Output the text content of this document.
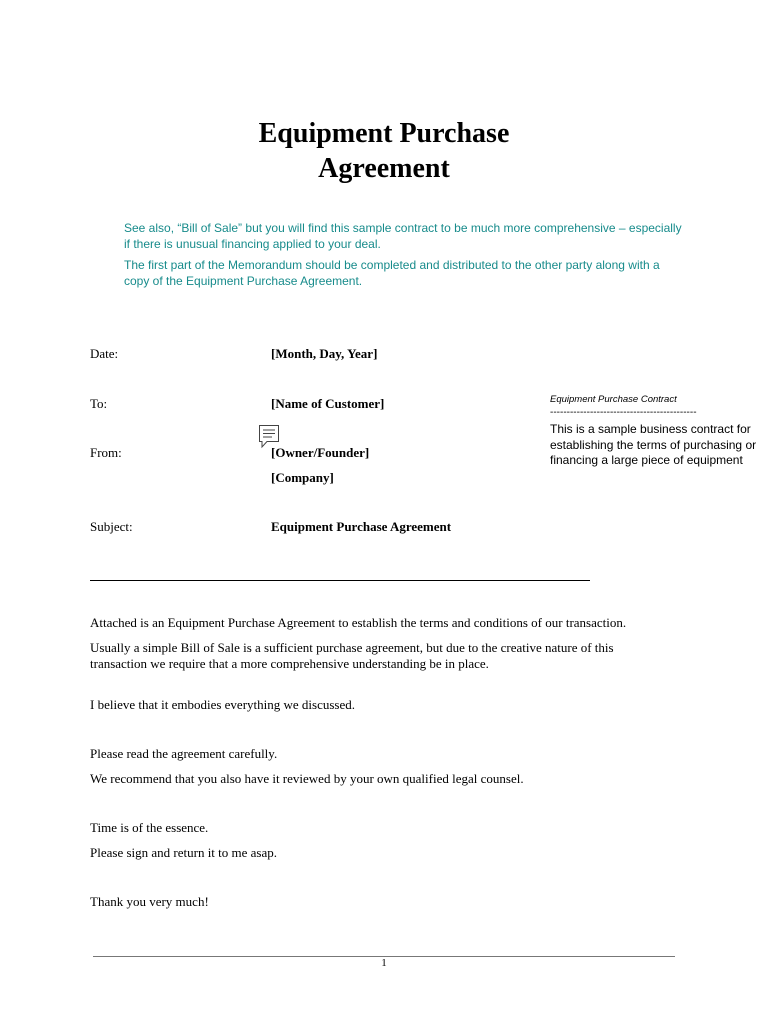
Equipment Purchase
Agreement
See also, “Bill of Sale” but you will find this sample contract to be much more comprehensive – especially if there is unusual financing applied to your deal.
The first part of the Memorandum should be completed and distributed to the other party along with a copy of the Equipment Purchase Agreement.
Date:	[Month, Day, Year]
To:	[Name of Customer]
From:	[Owner/Founder]
[Company]
Subject:	Equipment Purchase Agreement
Equipment Purchase Contract
--------------------------------------------
This is a sample business contract for establishing the terms of purchasing or financing a large piece of equipment
Attached is an Equipment Purchase Agreement to establish the terms and conditions of our transaction.
Usually a simple Bill of Sale is a sufficient purchase agreement, but due to the creative nature of this transaction we require that a more comprehensive understanding be in place.
I believe that it embodies everything we discussed.
Please read the agreement carefully.
We recommend that you also have it reviewed by your own qualified legal counsel.
Time is of the essence.
Please sign and return it to me asap.
Thank you very much!
1
